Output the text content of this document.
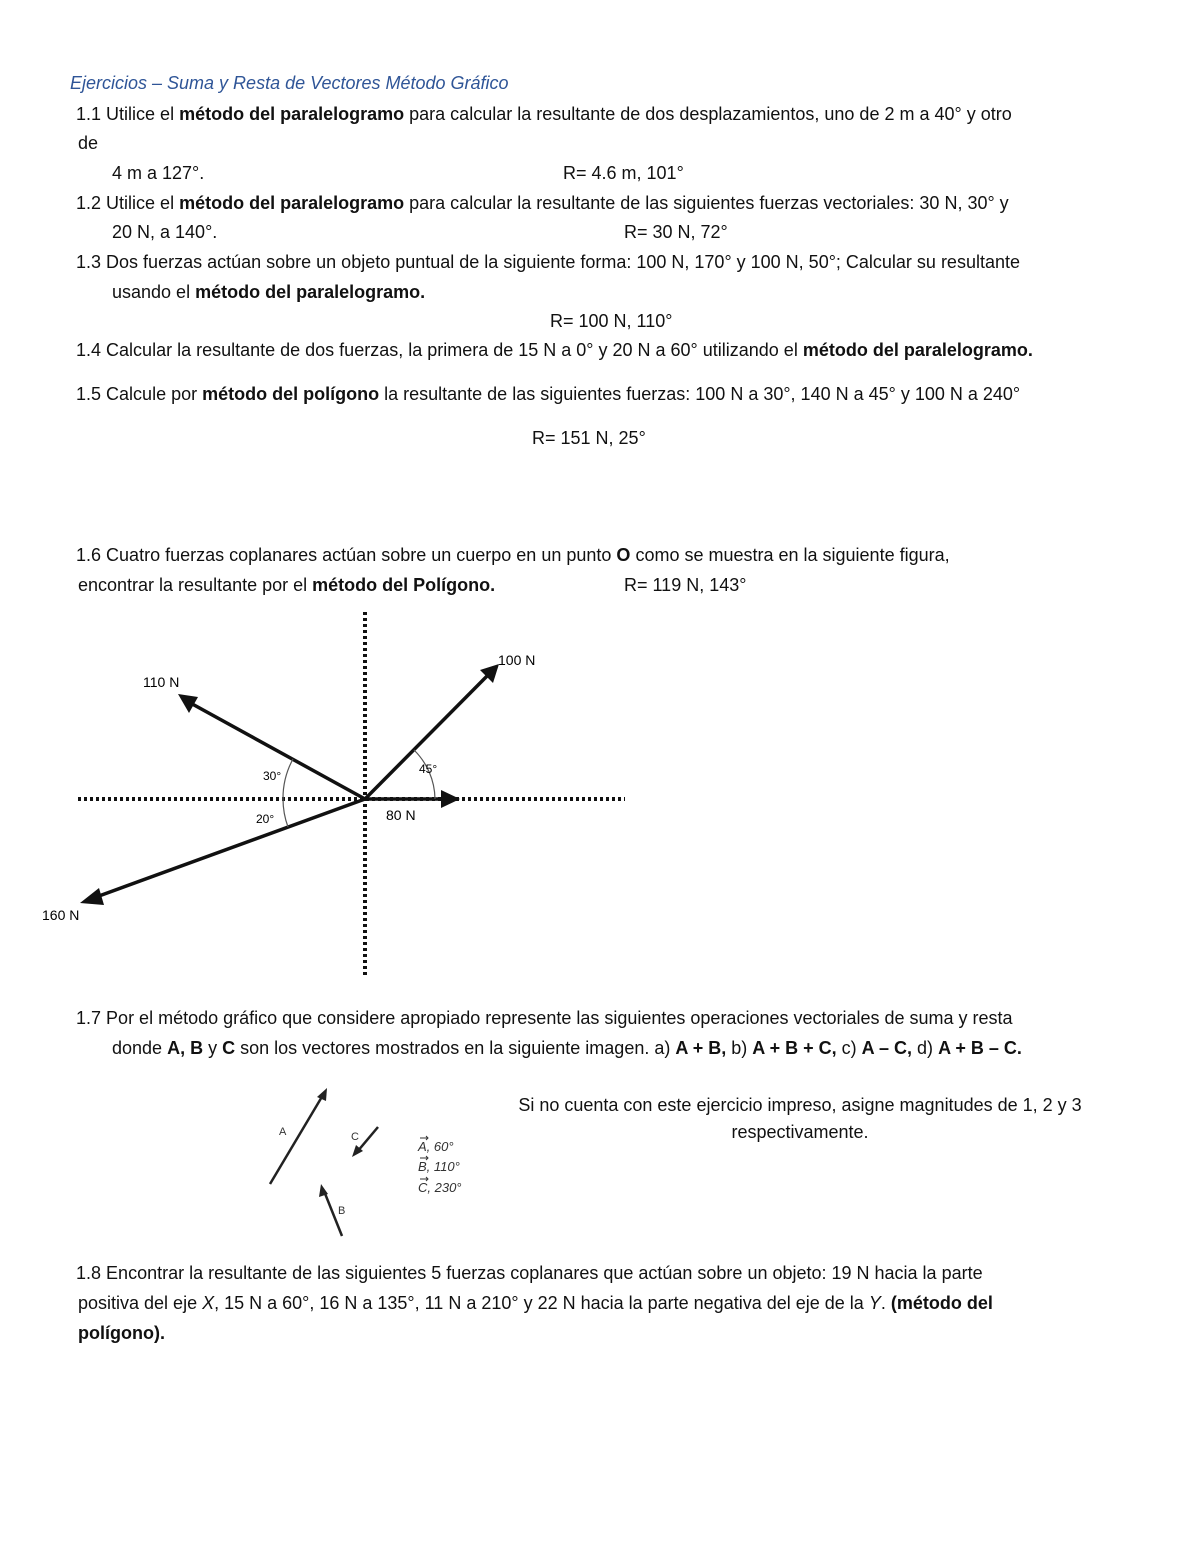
Ejercicios – Suma y Resta de Vectores Método Gráfico
1.1 Utilice el método del paralelogramo para calcular la resultante de dos desplazamientos, uno de 2 m a 40° y otro
de
4 m a 127°.	R= 4.6 m, 101°
1.2 Utilice el método del paralelogramo para calcular la resultante de las siguientes fuerzas vectoriales: 30 N, 30° y
20 N, a 140°.	R= 30 N, 72°
1.3 Dos fuerzas actúan sobre un objeto puntual de la siguiente forma: 100 N, 170° y 100 N, 50°; Calcular su resultante
usando el método del paralelogramo.
R= 100 N, 110°
1.4 Calcular la resultante de dos fuerzas, la primera de 15 N a 0° y 20 N a 60° utilizando el método del paralelogramo.
1.5 Calcule por método del polígono la resultante de las siguientes fuerzas: 100 N a 30°, 140 N a 45° y 100 N a 240°
R= 151 N, 25°
1.6 Cuatro fuerzas coplanares actúan sobre un cuerpo en un punto O como se muestra en la siguiente figura,
encontrar la resultante por el método del Polígono.	R= 119 N, 143°
100 N
110 N
80 N
160 N
30°	45°
20°
1.7 Por el método gráfico que considere apropiado represente las siguientes operaciones vectoriales de suma y resta
donde A, B y C son los vectores mostrados en la siguiente imagen. a) A + B, b) A + B + C, c) A – C, d) A + B – C.
Si no cuenta con este ejercicio impreso, asigne magnitudes de 1, 2 y 3
respectivamente.
A
B
C
A, 60°
B, 110°
C, 230°
1.8 Encontrar la resultante de las siguientes 5 fuerzas coplanares que actúan sobre un objeto: 19 N hacia la parte
positiva del eje X, 15 N a 60°, 16 N a 135°, 11 N a 210° y 22 N hacia la parte negativa del eje de la Y. (método del
polígono).
